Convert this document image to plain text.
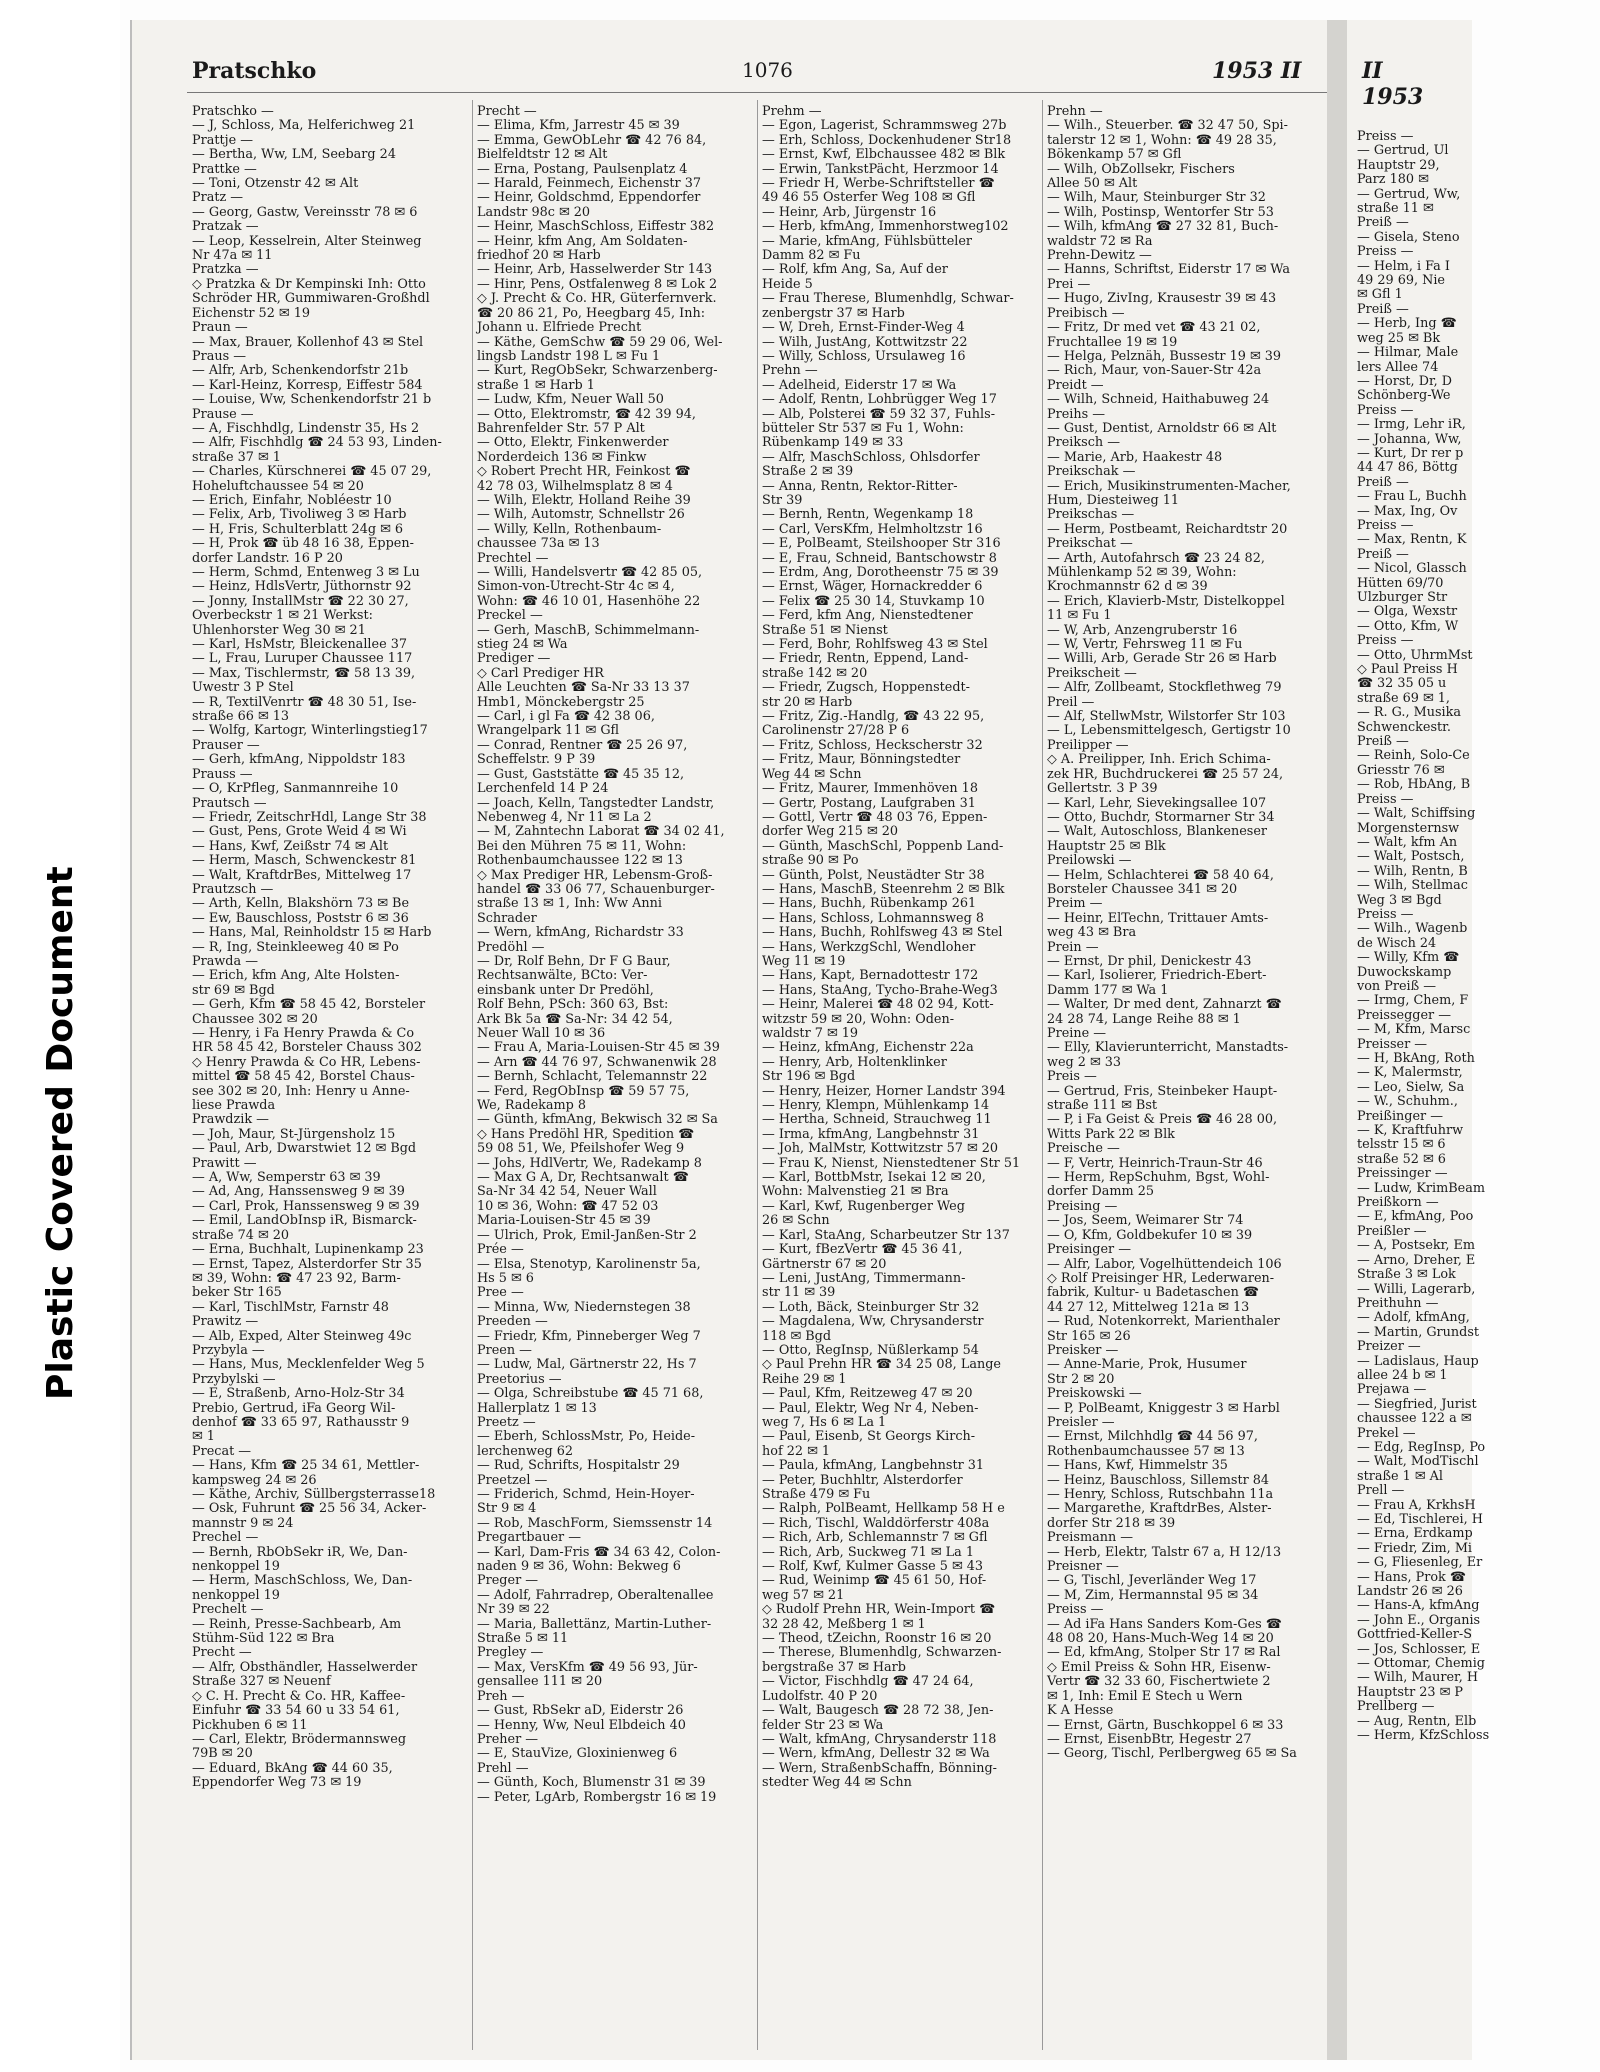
Plastic Covered Document
Pratschko	1076	1953 II	II 1953
Pratschko —
— J, Schloss, Ma, Helferichweg 21
Prattje —
— Bertha, Ww, LM, Seebarg 24
Prattke —
— Toni, Otzenstr 42 ✉ Alt
Pratz —
— Georg, Gastw, Vereinsstr 78 ✉ 6
Pratzak —
— Leop, Kesselrein, Alter Steinweg
Nr 47a ✉ 11
Pratzka —
◇ Pratzka & Dr Kempinski Inh: Otto
Schröder HR, Gummiwaren-Großhdl
Eichenstr 52 ✉ 19
Praun —
— Max, Brauer, Kollenhof 43 ✉ Stel
Praus —
— Alfr, Arb, Schenkendorfstr 21b
— Karl-Heinz, Korresp, Eiffestr 584
— Louise, Ww, Schenkendorfstr 21 b
Prause —
— A, Fischhdlg, Lindenstr 35, Hs 2
— Alfr, Fischhdlg ☎ 24 53 93, Linden-
straße 37 ✉ 1
— Charles, Kürschnerei ☎ 45 07 29,
Hoheluftchaussee 54 ✉ 20
— Erich, Einfahr, Nobléestr 10
— Felix, Arb, Tivoliweg 3 ✉ Harb
— H, Fris, Schulterblatt 24g ✉ 6
— H, Prok ☎ üb 48 16 38, Eppen-
dorfer Landstr. 16 P 20
— Herm, Schmd, Entenweg 3 ✉ Lu
— Heinz, HdlsVertr, Jüthornstr 92
— Jonny, InstallMstr ☎ 22 30 27,
Overbeckstr 1 ✉ 21 Werkst:
Uhlenhorster Weg 30 ✉ 21
— Karl, HsMstr, Bleickenallee 37
— L, Frau, Luruper Chaussee 117
— Max, Tischlermstr, ☎ 58 13 39,
Uwestr 3 P Stel
— R, TextilVenrtr ☎ 48 30 51, Ise-
straße 66 ✉ 13
— Wolfg, Kartogr, Winterlingstieg17
Prauser —
— Gerh, kfmAng, Nippoldstr 183
Prauss —
— O, KrPfleg, Sanmannreihe 10
Prautsch —
— Friedr, ZeitschrHdl, Lange Str 38
— Gust, Pens, Grote Weid 4 ✉ Wi
— Hans, Kwf, Zeißstr 74 ✉ Alt
— Herm, Masch, Schwenckestr 81
— Walt, KraftdrBes, Mittelweg 17
Prautzsch —
— Arth, Kelln, Blakshörn 73 ✉ Be
— Ew, Bauschloss, Poststr 6 ✉ 36
— Hans, Mal, Reinholdstr 15 ✉ Harb
— R, Ing, Steinkleeweg 40 ✉ Po
Prawda —
— Erich, kfm Ang, Alte Holsten-
str 69 ✉ Bgd
— Gerh, Kfm ☎ 58 45 42, Borsteler
Chaussee 302 ✉ 20
— Henry, i Fa Henry Prawda & Co
HR 58 45 42, Borsteler Chauss 302
◇ Henry Prawda & Co HR, Lebens-
mittel ☎ 58 45 42, Borstel Chaus-
see 302 ✉ 20, Inh: Henry u Anne-
liese Prawda
Prawdzik —
— Joh, Maur, St-Jürgensholz 15
— Paul, Arb, Dwarstwiet 12 ✉ Bgd
Prawitt —
— A, Ww, Semperstr 63 ✉ 39
— Ad, Ang, Hanssensweg 9 ✉ 39
— Carl, Prok, Hanssensweg 9 ✉ 39
— Emil, LandObInsp iR, Bismarck-
straße 74 ✉ 20
— Erna, Buchhalt, Lupinenkamp 23
— Ernst, Tapez, Alsterdorfer Str 35
✉ 39, Wohn: ☎ 47 23 92, Barm-
beker Str 165
— Karl, TischlMstr, Farnstr 48
Prawitz —
— Alb, Exped, Alter Steinweg 49c
Przybyla —
— Hans, Mus, Mecklenfelder Weg 5
Przybylski —
— E, Straßenb, Arno-Holz-Str 34
Prebio, Gertrud, iFa Georg Wil-
denhof ☎ 33 65 97, Rathausstr 9
✉ 1
Precat —
— Hans, Kfm ☎ 25 34 61, Mettler-
kampsweg 24 ✉ 26
— Käthe, Archiv, Süllbergsterrasse18
— Osk, Fuhrunt ☎ 25 56 34, Acker-
mannstr 9 ✉ 24
Prechel —
— Bernh, RbObSekr iR, We, Dan-
nenkoppel 19
— Herm, MaschSchloss, We, Dan-
nenkoppel 19
Prechelt —
— Reinh, Presse-Sachbearb, Am
Stühm-Süd 122 ✉ Bra
Precht —
— Alfr, Obsthändler, Hasselwerder
Straße 327 ✉ Neuenf
◇ C. H. Precht & Co. HR, Kaffee-
Einfuhr ☎ 33 54 60 u 33 54 61,
Pickhuben 6 ✉ 11
— Carl, Elektr, Brödermannsweg
79B ✉ 20
— Eduard, BkAng ☎ 44 60 35,
Eppendorfer Weg 73 ✉ 19
Precht —
— Elima, Kfm, Jarrestr 45 ✉ 39
— Emma, GewObLehr ☎ 42 76 84,
Bielfeldtstr 12 ✉ Alt
— Erna, Postang, Paulsenplatz 4
— Harald, Feinmech, Eichenstr 37
— Heinr, Goldschmd, Eppendorfer
Landstr 98c ✉ 20
— Heinr, MaschSchloss, Eiffestr 382
— Heinr, kfm Ang, Am Soldaten-
friedhof 20 ✉ Harb
— Heinr, Arb, Hasselwerder Str 143
— Hinr, Pens, Ostfalenweg 8 ✉ Lok 2
◇ J. Precht & Co. HR, Güterfernverk.
☎ 20 86 21, Po, Heegbarg 45, Inh:
Johann u. Elfriede Precht
— Käthe, GemSchw ☎ 59 29 06, Wel-
lingsb Landstr 198 L ✉ Fu 1
— Kurt, RegObSekr, Schwarzenberg-
straße 1 ✉ Harb 1
— Ludw, Kfm, Neuer Wall 50
— Otto, Elektromstr, ☎ 42 39 94,
Bahrenfelder Str. 57 P Alt
— Otto, Elektr, Finkenwerder
Norderdeich 136 ✉ Finkw
◇ Robert Precht HR, Feinkost ☎
42 78 03, Wilhelmsplatz 8 ✉ 4
— Wilh, Elektr, Holland Reihe 39
— Wilh, Automstr, Schnellstr 26
— Willy, Kelln, Rothenbaum-
chaussee 73a ✉ 13
Prechtel —
— Willi, Handelsvertr ☎ 42 85 05,
Simon-von-Utrecht-Str 4c ✉ 4,
Wohn: ☎ 46 10 01, Hasenhöhe 22
Preckel —
— Gerh, MaschB, Schimmelmann-
stieg 24 ✉ Wa
Prediger —
◇ Carl Prediger HR
Alle Leuchten ☎ Sa-Nr 33 13 37
Hmb1, Mönckebergstr 25
— Carl, i gl Fa ☎ 42 38 06,
Wrangelpark 11 ✉ Gfl
— Conrad, Rentner ☎ 25 26 97,
Scheffelstr. 9 P 39
— Gust, Gaststätte ☎ 45 35 12,
Lerchenfeld 14 P 24
— Joach, Kelln, Tangstedter Landstr,
Nebenweg 4, Nr 11 ✉ La 2
— M, Zahntechn Laborat ☎ 34 02 41,
Bei den Mühren 75 ✉ 11, Wohn:
Rothenbaumchaussee 122 ✉ 13
◇ Max Prediger HR, Lebensm-Groß-
handel ☎ 33 06 77, Schauenburger-
straße 13 ✉ 1, Inh: Ww Anni
Schrader
— Wern, kfmAng, Richardstr 33
Predöhl —
— Dr, Rolf Behn, Dr F G Baur,
Rechtsanwälte, BCto: Ver-
einsbank unter Dr Predöhl,
Rolf Behn, PSch: 360 63, Bst:
Ark Bk 5a ☎ Sa-Nr: 34 42 54,
Neuer Wall 10 ✉ 36
— Frau A, Maria-Louisen-Str 45 ✉ 39
— Arn ☎ 44 76 97, Schwanenwik 28
— Bernh, Schlacht, Telemannstr 22
— Ferd, RegObInsp ☎ 59 57 75,
We, Radekamp 8
— Günth, kfmAng, Bekwisch 32 ✉ Sa
◇ Hans Predöhl HR, Spedition ☎
59 08 51, We, Pfeilshofer Weg 9
— Johs, HdlVertr, We, Radekamp 8
— Max G A, Dr, Rechtsanwalt ☎
Sa-Nr 34 42 54, Neuer Wall
10 ✉ 36, Wohn: ☎ 47 52 03
Maria-Louisen-Str 45 ✉ 39
— Ulrich, Prok, Emil-Janßen-Str 2
Prée —
— Elsa, Stenotyp, Karolinenstr 5a,
Hs 5 ✉ 6
Pree —
— Minna, Ww, Niedernstegen 38
Preeden —
— Friedr, Kfm, Pinneberger Weg 7
Preen —
— Ludw, Mal, Gärtnerstr 22, Hs 7
Preetorius —
— Olga, Schreibstube ☎ 45 71 68,
Hallerplatz 1 ✉ 13
Preetz —
— Eberh, SchlossMstr, Po, Heide-
lerchenweg 62
— Rud, Schrifts, Hospitalstr 29
Preetzel —
— Friderich, Schmd, Hein-Hoyer-
Str 9 ✉ 4
— Rob, MaschForm, Siemssenstr 14
Pregartbauer —
— Karl, Dam-Fris ☎ 34 63 42, Colon-
naden 9 ✉ 36, Wohn: Bekweg 6
Preger —
— Adolf, Fahrradrep, Oberaltenallee
Nr 39 ✉ 22
— Maria, Ballettänz, Martin-Luther-
Straße 5 ✉ 11
Pregley —
— Max, VersKfm ☎ 49 56 93, Jür-
gensallee 111 ✉ 20
Preh —
— Gust, RbSekr aD, Eiderstr 26
— Henny, Ww, Neul Elbdeich 40
Preher —
— E, StauVize, Gloxinienweg 6
Prehl —
— Günth, Koch, Blumenstr 31 ✉ 39
— Peter, LgArb, Rombergstr 16 ✉ 19
Prehm —
— Egon, Lagerist, Schrammsweg 27b
— Erh, Schloss, Dockenhudener Str18
— Ernst, Kwf, Elbchaussee 482 ✉ Blk
— Erwin, TankstPächt, Herzmoor 14
— Friedr H, Werbe-Schriftsteller ☎
49 46 55 Osterfer Weg 108 ✉ Gfl
— Heinr, Arb, Jürgenstr 16
— Herb, kfmAng, Immenhorstweg102
— Marie, kfmAng, Fühlsbütteler
Damm 82 ✉ Fu
— Rolf, kfm Ang, Sa, Auf der
Heide 5
— Frau Therese, Blumenhdlg, Schwar-
zenbergstr 37 ✉ Harb
— W, Dreh, Ernst-Finder-Weg 4
— Wilh, JustAng, Kottwitzstr 22
— Willy, Schloss, Ursulaweg 16
Prehn —
— Adelheid, Eiderstr 17 ✉ Wa
— Adolf, Rentn, Lohbrügger Weg 17
— Alb, Polsterei ☎ 59 32 37, Fuhls-
bütteler Str 537 ✉ Fu 1, Wohn:
Rübenkamp 149 ✉ 33
— Alfr, MaschSchloss, Ohlsdorfer
Straße 2 ✉ 39
— Anna, Rentn, Rektor-Ritter-
Str 39
— Bernh, Rentn, Wegenkamp 18
— Carl, VersKfm, Helmholtzstr 16
— E, PolBeamt, Steilshooper Str 316
— E, Frau, Schneid, Bantschowstr 8
— Erdm, Ang, Dorotheenstr 75 ✉ 39
— Ernst, Wäger, Hornackredder 6
— Felix ☎ 25 30 14, Stuvkamp 10
— Ferd, kfm Ang, Nienstedtener
Straße 51 ✉ Nienst
— Ferd, Bohr, Rohlfsweg 43 ✉ Stel
— Friedr, Rentn, Eppend, Land-
straße 142 ✉ 20
— Friedr, Zugsch, Hoppenstedt-
str 20 ✉ Harb
— Fritz, Zig.-Handlg, ☎ 43 22 95,
Carolinenstr 27/28 P 6
— Fritz, Schloss, Heckscherstr 32
— Fritz, Maur, Bönningstedter
Weg 44 ✉ Schn
— Fritz, Maurer, Immenhöven 18
— Gertr, Postang, Laufgraben 31
— Gottl, Vertr ☎ 48 03 76, Eppen-
dorfer Weg 215 ✉ 20
— Günth, MaschSchl, Poppenb Land-
straße 90 ✉ Po
— Günth, Polst, Neustädter Str 38
— Hans, MaschB, Steenrehm 2 ✉ Blk
— Hans, Buchh, Rübenkamp 261
— Hans, Schloss, Lohmannsweg 8
— Hans, Buchh, Rohlfsweg 43 ✉ Stel
— Hans, WerkzgSchl, Wendloher
Weg 11 ✉ 19
— Hans, Kapt, Bernadottestr 172
— Hans, StaAng, Tycho-Brahe-Weg3
— Heinr, Malerei ☎ 48 02 94, Kott-
witzstr 59 ✉ 20, Wohn: Oden-
waldstr 7 ✉ 19
— Heinz, kfmAng, Eichenstr 22a
— Henry, Arb, Holtenklinker
Str 196 ✉ Bgd
— Henry, Heizer, Horner Landstr 394
— Henry, Klempn, Mühlenkamp 14
— Hertha, Schneid, Strauchweg 11
— Irma, kfmAng, Langbehnstr 31
— Joh, MalMstr, Kottwitzstr 57 ✉ 20
— Frau K, Nienst, Nienstedtener Str 51
— Karl, BottbMstr, Isekai 12 ✉ 20,
Wohn: Malvenstieg 21 ✉ Bra
— Karl, Kwf, Rugenberger Weg
26 ✉ Schn
— Karl, StaAng, Scharbeutzer Str 137
— Kurt, fBezVertr ☎ 45 36 41,
Gärtnerstr 67 ✉ 20
— Leni, JustAng, Timmermann-
str 11 ✉ 39
— Loth, Bäck, Steinburger Str 32
— Magdalena, Ww, Chrysanderstr
118 ✉ Bgd
— Otto, RegInsp, Nüßlerkamp 54
◇ Paul Prehn HR ☎ 34 25 08, Lange
Reihe 29 ✉ 1
— Paul, Kfm, Reitzeweg 47 ✉ 20
— Paul, Elektr, Weg Nr 4, Neben-
weg 7, Hs 6 ✉ La 1
— Paul, Eisenb, St Georgs Kirch-
hof 22 ✉ 1
— Paula, kfmAng, Langbehnstr 31
— Peter, Buchhltr, Alsterdorfer
Straße 479 ✉ Fu
— Ralph, PolBeamt, Hellkamp 58 H e
— Rich, Tischl, Walddörferstr 408a
— Rich, Arb, Schlemannstr 7 ✉ Gfl
— Rich, Arb, Suckweg 71 ✉ La 1
— Rolf, Kwf, Kulmer Gasse 5 ✉ 43
— Rud, Weinimp ☎ 45 61 50, Hof-
weg 57 ✉ 21
◇ Rudolf Prehn HR, Wein-Import ☎
32 28 42, Meßberg 1 ✉ 1
— Theod, tZeichn, Roonstr 16 ✉ 20
— Therese, Blumenhdlg, Schwarzen-
bergstraße 37 ✉ Harb
— Victor, Fischhdlg ☎ 47 24 64,
Ludolfstr. 40 P 20
— Walt, Baugesch ☎ 28 72 38, Jen-
felder Str 23 ✉ Wa
— Walt, kfmAng, Chrysanderstr 118
— Wern, kfmAng, Dellestr 32 ✉ Wa
— Wern, StraßenbSchaffn, Bönning-
stedter Weg 44 ✉ Schn
Prehn —
— Wilh., Steuerber. ☎ 32 47 50, Spi-
talerstr 12 ✉ 1, Wohn: ☎ 49 28 35,
Bökenkamp 57 ✉ Gfl
— Wilh, ObZollsekr, Fischers
Allee 50 ✉ Alt
— Wilh, Maur, Steinburger Str 32
— Wilh, Postinsp, Wentorfer Str 53
— Wilh, kfmAng ☎ 27 32 81, Buch-
waldstr 72 ✉ Ra
Prehn-Dewitz —
— Hanns, Schriftst, Eiderstr 17 ✉ Wa
Prei —
— Hugo, ZivIng, Krausestr 39 ✉ 43
Preibisch —
— Fritz, Dr med vet ☎ 43 21 02,
Fruchtallee 19 ✉ 19
— Helga, Pelznäh, Bussestr 19 ✉ 39
— Rich, Maur, von-Sauer-Str 42a
Preidt —
— Wilh, Schneid, Haithabuweg 24
Preihs —
— Gust, Dentist, Arnoldstr 66 ✉ Alt
Preiksch —
— Marie, Arb, Haakestr 48
Preikschak —
— Erich, Musikinstrumenten-Macher,
Hum, Diesteiweg 11
Preikschas —
— Herm, Postbeamt, Reichardtstr 20
Preikschat —
— Arth, Autofahrsch ☎ 23 24 82,
Mühlenkamp 52 ✉ 39, Wohn:
Krochmannstr 62 d ✉ 39
— Erich, Klavierb-Mstr, Distelkoppel
11 ✉ Fu 1
— W, Arb, Anzengruberstr 16
— W, Vertr, Fehrsweg 11 ✉ Fu
— Willi, Arb, Gerade Str 26 ✉ Harb
Preikscheit —
— Alfr, Zollbeamt, Stockflethweg 79
Preil —
— Alf, StellwMstr, Wilstorfer Str 103
— L, Lebensmittelgesch, Gertigstr 10
Preilipper —
◇ A. Preilipper, Inh. Erich Schima-
zek HR, Buchdruckerei ☎ 25 57 24,
Gellertstr. 3 P 39
— Karl, Lehr, Sievekingsallee 107
— Otto, Buchdr, Stormarner Str 34
— Walt, Autoschloss, Blankeneser
Hauptstr 25 ✉ Blk
Preilowski —
— Helm, Schlachterei ☎ 58 40 64,
Borsteler Chaussee 341 ✉ 20
Preim —
— Heinr, ElTechn, Trittauer Amts-
weg 43 ✉ Bra
Prein —
— Ernst, Dr phil, Denickestr 43
— Karl, Isolierer, Friedrich-Ebert-
Damm 177 ✉ Wa 1
— Walter, Dr med dent, Zahnarzt ☎
24 28 74, Lange Reihe 88 ✉ 1
Preine —
— Elly, Klavierunterricht, Manstadts-
weg 2 ✉ 33
Preis —
— Gertrud, Fris, Steinbeker Haupt-
straße 111 ✉ Bst
— P, i Fa Geist & Preis ☎ 46 28 00,
Witts Park 22 ✉ Blk
Preische —
— F, Vertr, Heinrich-Traun-Str 46
— Herm, RepSchuhm, Bgst, Wohl-
dorfer Damm 25
Preising —
— Jos, Seem, Weimarer Str 74
— O, Kfm, Goldbekufer 10 ✉ 39
Preisinger —
— Alfr, Labor, Vogelhüttendeich 106
◇ Rolf Preisinger HR, Lederwaren-
fabrik, Kultur- u Badetaschen ☎
44 27 12, Mittelweg 121a ✉ 13
— Rud, Notenkorrekt, Marienthaler
Str 165 ✉ 26
Preisker —
— Anne-Marie, Prok, Husumer
Str 2 ✉ 20
Preiskowski —
— P, PolBeamt, Kniggestr 3 ✉ Harbl
Preisler —
— Ernst, Milchhdlg ☎ 44 56 97,
Rothenbaumchaussee 57 ✉ 13
— Hans, Kwf, Himmelstr 35
— Heinz, Bauschloss, Sillemstr 84
— Henry, Schloss, Rutschbahn 11a
— Margarethe, KraftdrBes, Alster-
dorfer Str 218 ✉ 39
Preismann —
— Herb, Elektr, Talstr 67 a, H 12/13
Preisner —
— G, Tischl, Jeverländer Weg 17
— M, Zim, Hermannstal 95 ✉ 34
Preiss —
— Ad iFa Hans Sanders Kom-Ges ☎
48 08 20, Hans-Much-Weg 14 ✉ 20
— Ed, kfmAng, Stolper Str 17 ✉ Ral
◇ Emil Preiss & Sohn HR, Eisenw-
Vertr ☎ 32 33 60, Fischertwiete 2
✉ 1, Inh: Emil E Stech u Wern
K A Hesse
— Ernst, Gärtn, Buschkoppel 6 ✉ 33
— Ernst, EisenbBtr, Hegestr 27
— Georg, Tischl, Perlbergweg 65 ✉ Sa
Preiss —
— Gertrud, Ul
Hauptstr 29,
Parz 180 ✉
— Gertrud, Ww,
straße 11 ✉
Preiß —
— Gisela, Steno
Preiss —
— Helm, i Fa I
49 29 69, Nie
✉ Gfl 1
Preiß —
— Herb, Ing ☎
weg 25 ✉ Bk
— Hilmar, Male
lers Allee 74
— Horst, Dr, D
Schönberg-We
Preiss —
— Irmg, Lehr iR,
— Johanna, Ww,
— Kurt, Dr rer p
44 47 86, Böttg
Preiß —
— Frau L, Buchh
— Max, Ing, Ov
Preiss —
— Max, Rentn, K
Preiß —
— Nicol, Glassch
Hütten 69/70
Ulzburger Str
— Olga, Wexstr
— Otto, Kfm, W
Preiss —
— Otto, UhrmMst
◇ Paul Preiss H
☎ 32 35 05 u
straße 69 ✉ 1,
— R. G., Musika
Schwenckestr.
Preiß —
— Reinh, Solo-Ce
Griesstr 76 ✉
— Rob, HbAng, B
Preiss —
— Walt, Schiffsing
Morgensternsw
— Walt, kfm An
— Walt, Postsch,
— Wilh, Rentn, B
— Wilh, Stellmac
Weg 3 ✉ Bgd
Preiss —
— Wilh., Wagenb
de Wisch 24
— Willy, Kfm ☎
Duwockskamp
von Preiß —
— Irmg, Chem, F
Preissegger —
— M, Kfm, Marsc
Preisser —
— H, BkAng, Roth
— K, Malermstr,
— Leo, Sielw, Sa
— W., Schuhm.,
Preißinger —
— K, Kraftfuhrw
telsstr 15 ✉ 6
straße 52 ✉ 6
Preissinger —
— Ludw, KrimBeam
Preißkorn —
— E, kfmAng, Poo
Preißler —
— A, Postsekr, Em
— Arno, Dreher, E
Straße 3 ✉ Lok
— Willi, Lagerarb,
Preithuhn —
— Adolf, kfmAng,
— Martin, Grundst
Preizer —
— Ladislaus, Haup
allee 24 b ✉ 1
Prejawa —
— Siegfried, Jurist
chaussee 122 a ✉
Prekel —
— Edg, RegInsp, Po
— Walt, ModTischl
straße 1 ✉ Al
Prell —
— Frau A, KrkhsH
— Ed, Tischlerei, H
— Erna, Erdkamp
— Friedr, Zim, Mi
— G, Fliesenleg, Er
— Hans, Prok ☎
Landstr 26 ✉ 26
— Hans-A, kfmAng
— John E., Organis
Gottfried-Keller-S
— Jos, Schlosser, E
— Ottomar, Chemig
— Wilh, Maurer, H
Hauptstr 23 ✉ P
Prellberg —
— Aug, Rentn, Elb
— Herm, KfzSchloss
